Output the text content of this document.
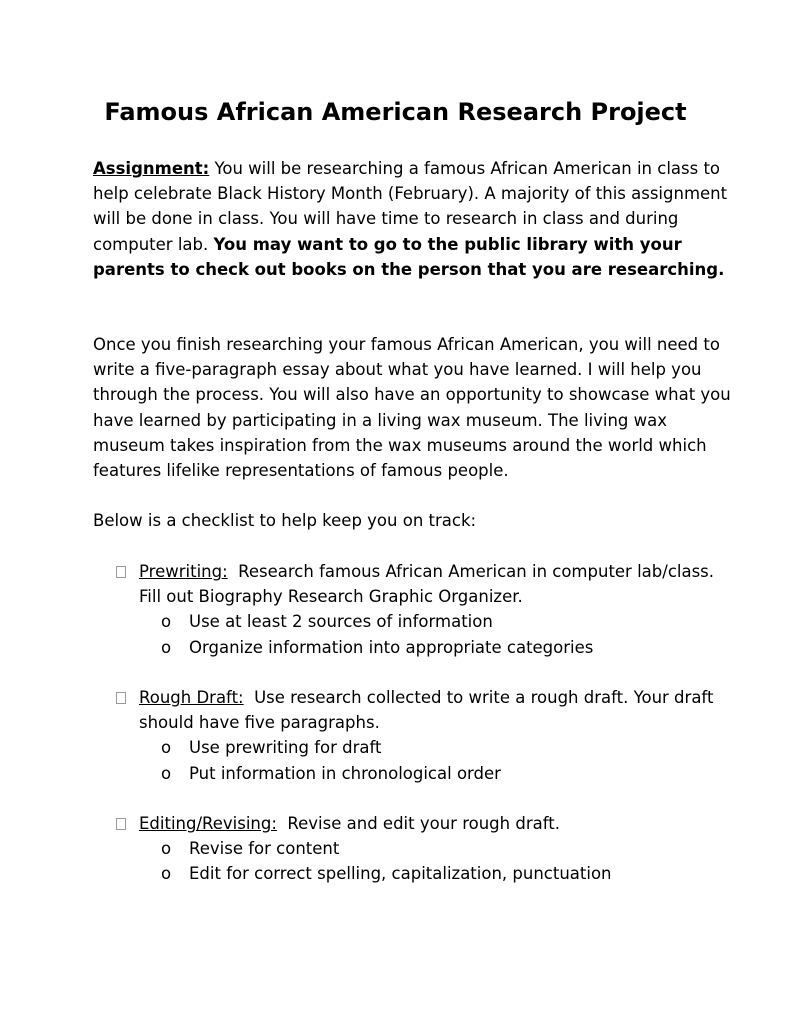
Famous African American Research Project

Assignment: You will be researching a famous African American in class to help celebrate Black History Month (February). A majority of this assignment will be done in class. You will have time to research in class and during computer lab. You may want to go to the public library with your parents to check out books on the person that you are researching.

Once you finish researching your famous African American, you will need to write a five-paragraph essay about what you have learned. I will help you through the process. You will also have an opportunity to showcase what you have learned by participating in a living wax museum. The living wax museum takes inspiration from the wax museums around the world which features lifelike representations of famous people.

Below is a checklist to help keep you on track:

Prewriting: Research famous African American in computer lab/class. Fill out Biography Research Graphic Organizer.
o	Use at least 2 sources of information
o	Organize information into appropriate categories
Rough Draft: Use research collected to write a rough draft. Your draft should have five paragraphs.
o	Use prewriting for draft
o	Put information in chronological order
Editing/Revising: Revise and edit your rough draft.
o	Revise for content
o	Edit for correct spelling, capitalization, punctuation
